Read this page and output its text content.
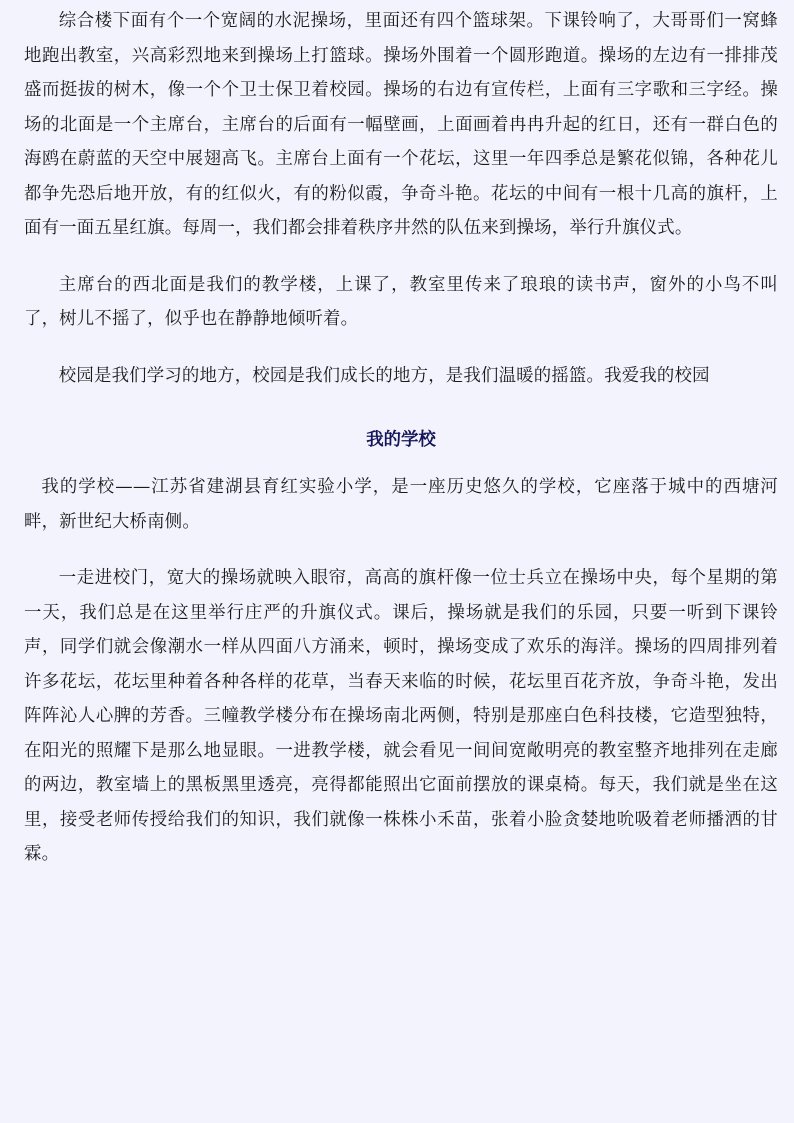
综合楼下面有个一个宽阔的水泥操场，里面还有四个篮球架。下课铃响了，大哥哥们一窝蜂地跑出教室，兴高彩烈地来到操场上打篮球。操场外围着一个圆形跑道。操场的左边有一排排茂盛而挺拔的树木，像一个个卫士保卫着校园。操场的右边有宣传栏，上面有三字歌和三字经。操场的北面是一个主席台，主席台的后面有一幅壁画，上面画着冉冉升起的红日，还有一群白色的海鸥在蔚蓝的天空中展翅高飞。主席台上面有一个花坛，这里一年四季总是繁花似锦，各种花儿都争先恐后地开放，有的红似火，有的粉似霞，争奇斗艳。花坛的中间有一根十几高的旗杆，上面有一面五星红旗。每周一，我们都会排着秩序井然的队伍来到操场，举行升旗仪式。

主席台的西北面是我们的教学楼，上课了，教室里传来了琅琅的读书声，窗外的小鸟不叫了，树儿不摇了，似乎也在静静地倾听着。

校园是我们学习的地方，校园是我们成长的地方，是我们温暖的摇篮。我爱我的校园

我的学校

我的学校——江苏省建湖县育红实验小学，是一座历史悠久的学校，它座落于城中的西塘河畔，新世纪大桥南侧。

一走进校门，宽大的操场就映入眼帘，高高的旗杆像一位士兵立在操场中央，每个星期的第一天，我们总是在这里举行庄严的升旗仪式。课后，操场就是我们的乐园，只要一听到下课铃声，同学们就会像潮水一样从四面八方涌来，顿时，操场变成了欢乐的海洋。操场的四周排列着许多花坛，花坛里种着各种各样的花草，当春天来临的时候，花坛里百花齐放，争奇斗艳，发出阵阵沁人心脾的芳香。三幢教学楼分布在操场南北两侧，特别是那座白色科技楼，它造型独特，在阳光的照耀下是那么地显眼。一进教学楼，就会看见一间间宽敞明亮的教室整齐地排列在走廊的两边，教室墙上的黑板黑里透亮，亮得都能照出它面前摆放的课桌椅。每天，我们就是坐在这里，接受老师传授给我们的知识，我们就像一株株小禾苗，张着小脸贪婪地吮吸着老师播洒的甘霖。
